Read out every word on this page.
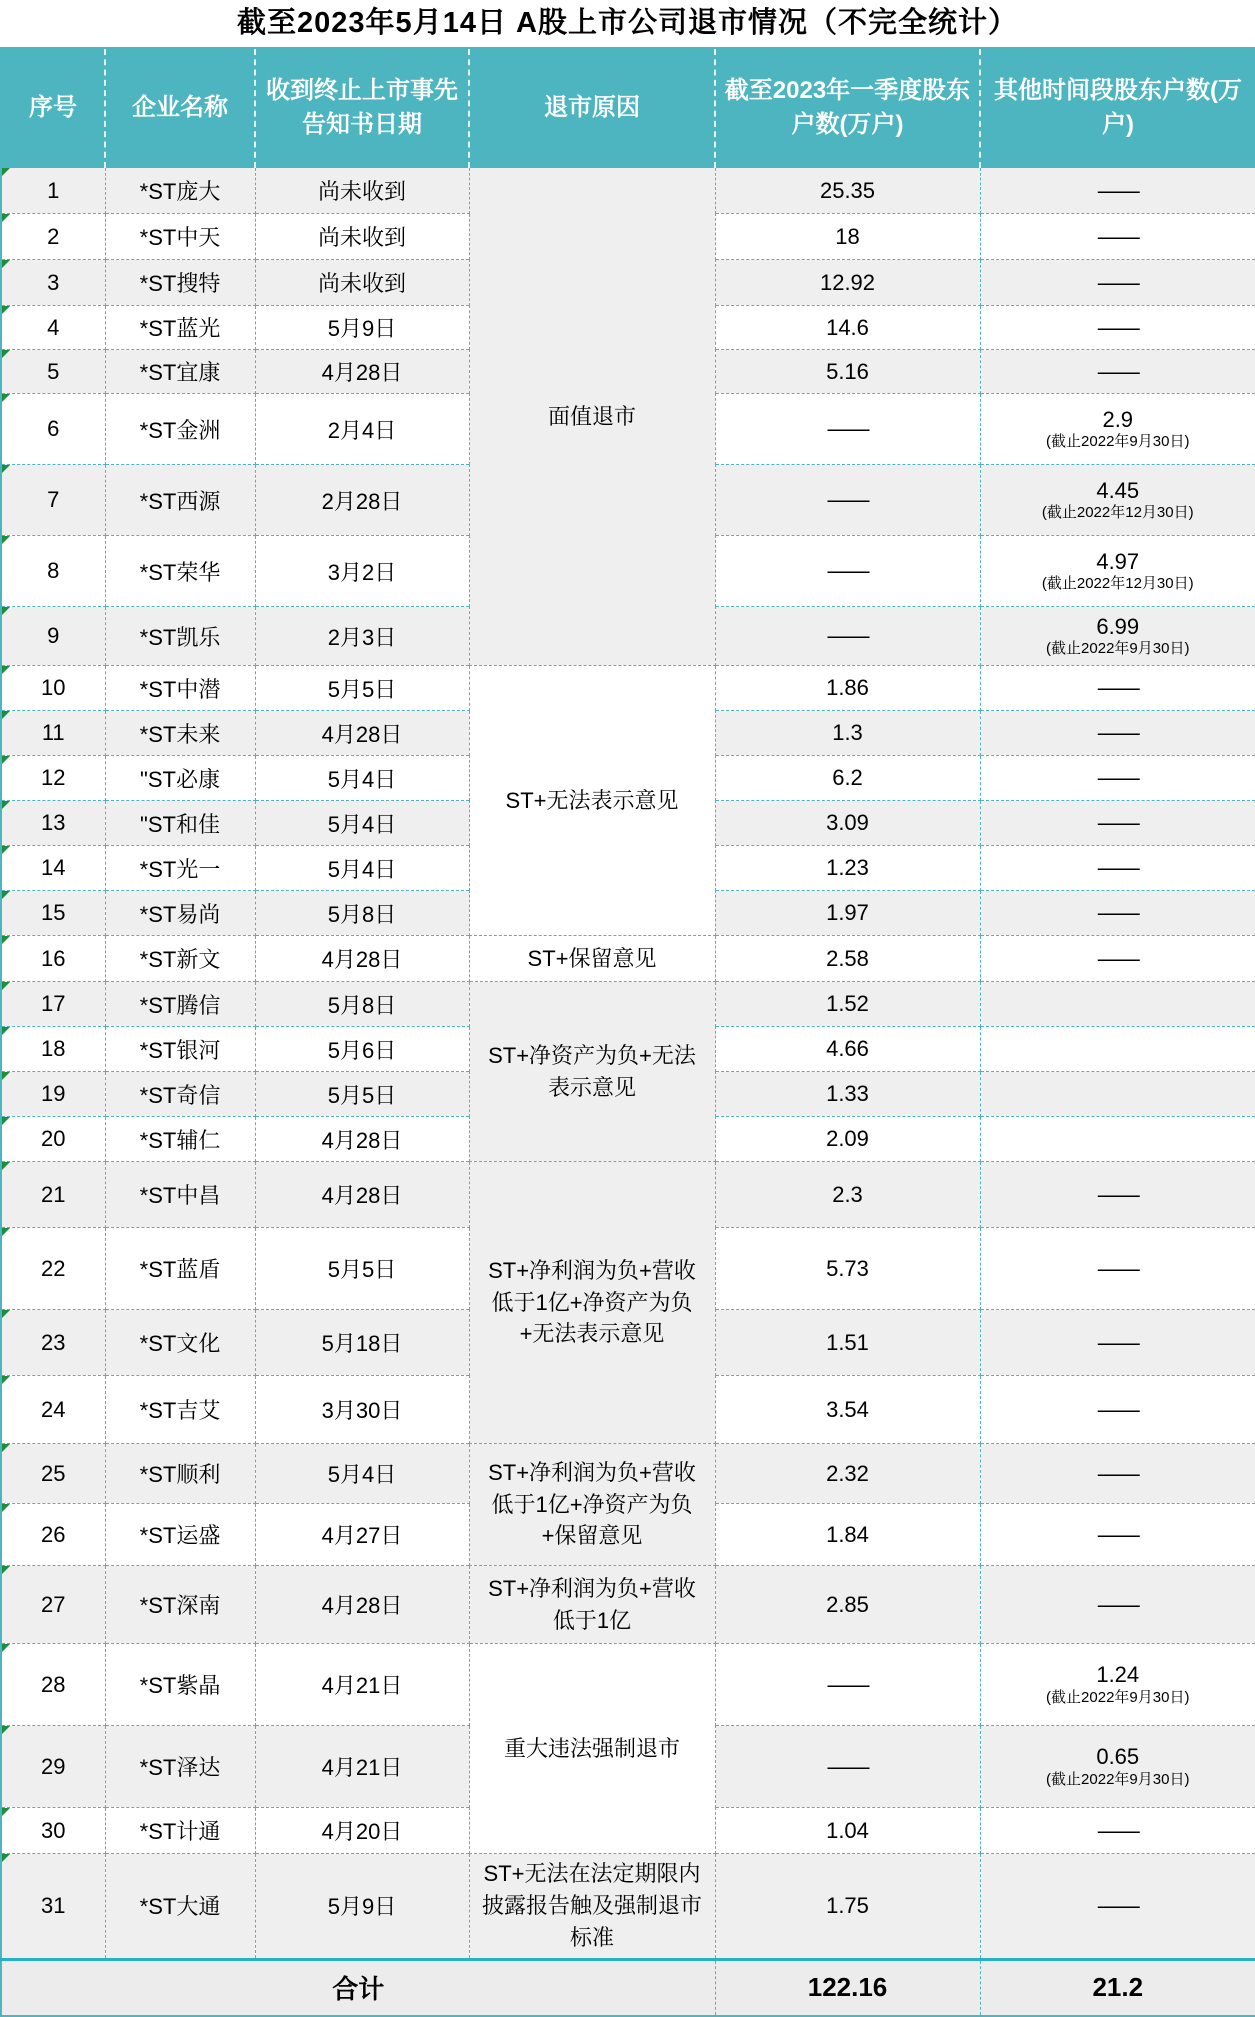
截至2023年5月14日 A股上市公司退市情况（不完全统计）
序号	企业名称	收到终止上市事先告知书日期	退市原因	截至2023年一季度股东户数(万户)	其他时间段股东户数(万户)
1	*ST庞大	尚未收到	面值退市	25.35	——
2	*ST中天	尚未收到		18	——
3	*ST搜特	尚未收到		12.92	——
4	*ST蓝光	5月9日		14.6	——
5	*ST宜康	4月28日		5.16	——
6	*ST金洲	2月4日		——	2.9
(截止2022年9月30日)

7	*ST西源	2月28日		——	4.45
(截止2022年12月30日)

8	*ST荣华	3月2日		——	4.97
(截止2022年12月30日)

9	*ST凯乐	2月3日		——	6.99
(截止2022年9月30日)

10	*ST中潜	5月5日	ST+无法表示意见	1.86	——
11	*ST未来	4月28日		1.3	——
12	"ST必康	5月4日		6.2	——
13	"ST和佳	5月4日		3.09	——
14	*ST光一	5月4日		1.23	——
15	*ST易尚	5月8日		1.97	——
16	*ST新文	4月28日	ST+保留意见	2.58	——
17	*ST腾信	5月8日	ST+净资产为负+无法表示意见	1.52	
18	*ST银河	5月6日		4.66	
19	*ST奇信	5月5日		1.33	
20	*ST辅仁	4月28日		2.09	
21	*ST中昌	4月28日	ST+净利润为负+营收低于1亿+净资产为负+无法表示意见	2.3	——
22	*ST蓝盾	5月5日		5.73	——
23	*ST文化	5月18日		1.51	——
24	*ST吉艾	3月30日		3.54	——
25	*ST顺利	5月4日	ST+净利润为负+营收低于1亿+净资产为负+保留意见	2.32	——
26	*ST运盛	4月27日		1.84	——
27	*ST深南	4月28日	ST+净利润为负+营收低于1亿	2.85	——
28	*ST紫晶	4月21日	重大违法强制退市	——	1.24
(截止2022年9月30日)

29	*ST泽达	4月21日		——	0.65
(截止2022年9月30日)

30	*ST计通	4月20日		1.04	——
31	*ST大通	5月9日	ST+无法在法定期限内披露报告触及强制退市标准	1.75	——
合计				122.16	21.2
